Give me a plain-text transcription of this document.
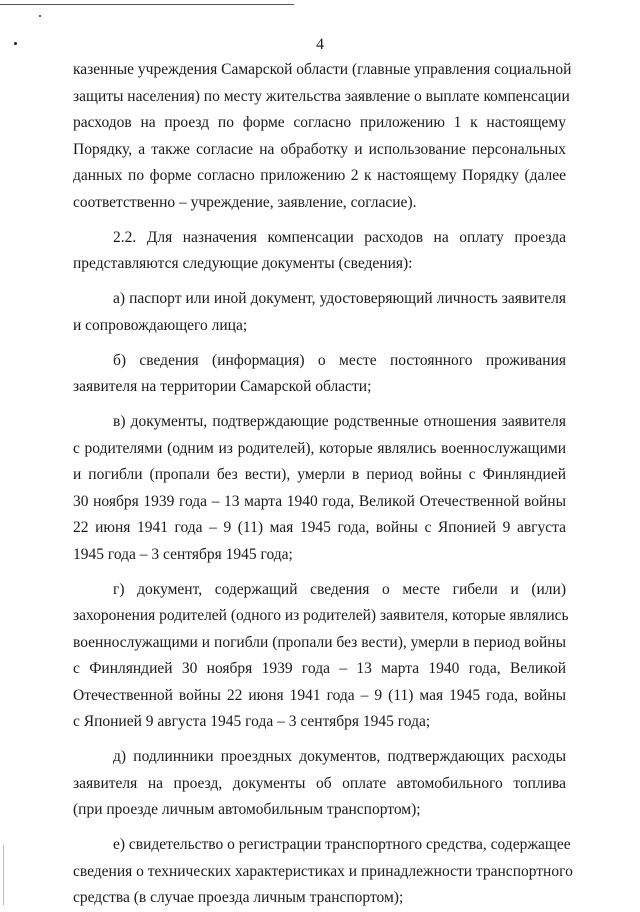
4
казенные учреждения Самарской области (главные управления социальной
защиты населения) по месту жительства заявление о выплате компенсации
расходов на проезд по форме согласно приложению 1 к настоящему
Порядку, а также согласие на обработку и использование персональных
данных по форме согласно приложению 2 к настоящему Порядку (далее
соответственно – учреждение, заявление, согласие).
2.2. Для назначения компенсации расходов на оплату проезда
представляются следующие документы (сведения):
а) паспорт или иной документ, удостоверяющий личность заявителя
и сопровождающего лица;
б) сведения (информация) о месте постоянного проживания
заявителя на территории Самарской области;
в) документы, подтверждающие родственные отношения заявителя
с родителями (одним из родителей), которые являлись военнослужащими
и погибли (пропали без вести), умерли в период войны с Финляндией
30 ноября 1939 года – 13 марта 1940 года, Великой Отечественной войны
22 июня 1941 года – 9 (11) мая 1945 года, войны с Японией 9 августа
1945 года – 3 сентября 1945 года;
г) документ, содержащий сведения о месте гибели и (или)
захоронения родителей (одного из родителей) заявителя, которые являлись
военнослужащими и погибли (пропали без вести), умерли в период войны
с Финляндией 30 ноября 1939 года – 13 марта 1940 года, Великой
Отечественной войны 22 июня 1941 года – 9 (11) мая 1945 года, войны
с Японией 9 августа 1945 года – 3 сентября 1945 года;
д) подлинники проездных документов, подтверждающих расходы
заявителя на проезд, документы об оплате автомобильного топлива
(при проезде личным автомобильным транспортом);
е) свидетельство о регистрации транспортного средства, содержащее
сведения о технических характеристиках и принадлежности транспортного
средства (в случае проезда личным транспортом);
